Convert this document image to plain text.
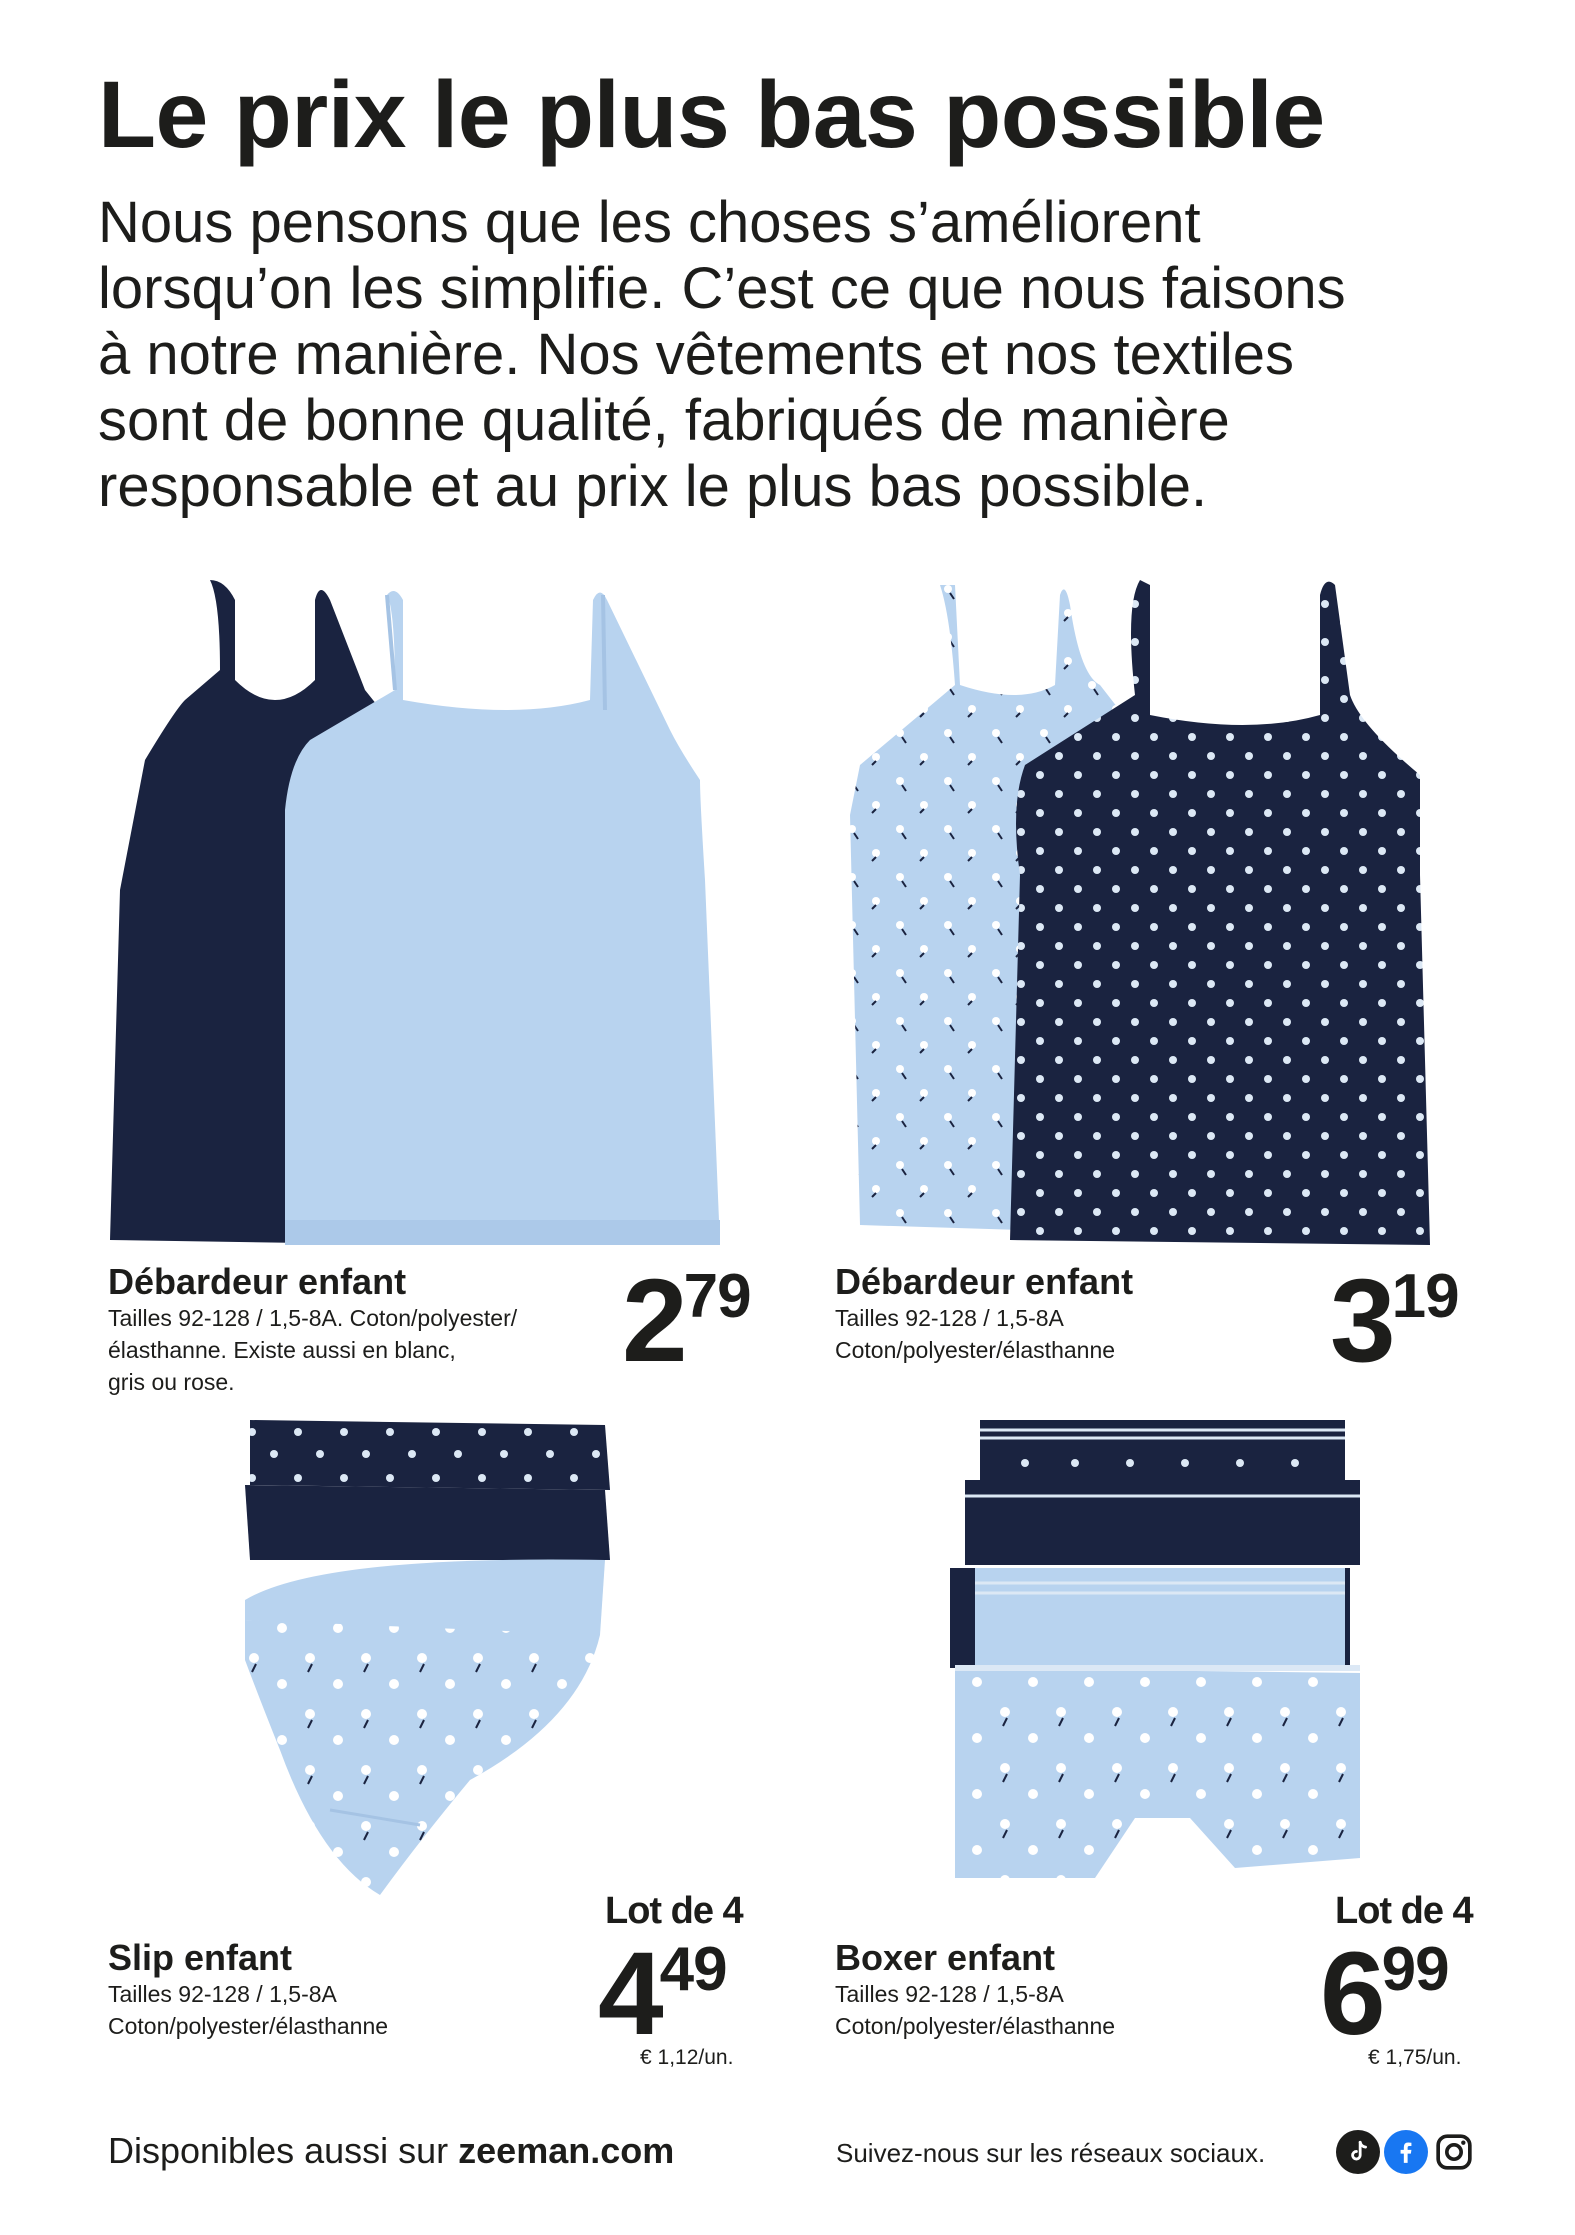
Le prix le plus bas possible
Nous pensons que les choses s’améliorent
lorsqu’on les simplifie. C’est ce que nous faisons
à notre manière. Nos vêtements et nos textiles
sont de bonne qualité, fabriqués de manière
responsable et au prix le plus bas possible.
Débardeur enfant
Tailles 92-128 / 1,5-8A. Coton/polyester/
élasthanne. Existe aussi en blanc,
gris ou rose.	279 Débardeur enfant
Tailles 92-128 / 1,5-8A
Coton/polyester/élasthanne 319
Lot de 4
Slip enfant
Tailles 92-128 / 1,5-8A
Coton/polyester/élasthanne 449
€ 1,12/un.
Lot de 4
Boxer enfant
Tailles 92-128 / 1,5-8A
Coton/polyester/élasthanne 699
€ 1,75/un.
Disponibles aussi sur zeeman.com	Suivez-nous sur les réseaux sociaux.
